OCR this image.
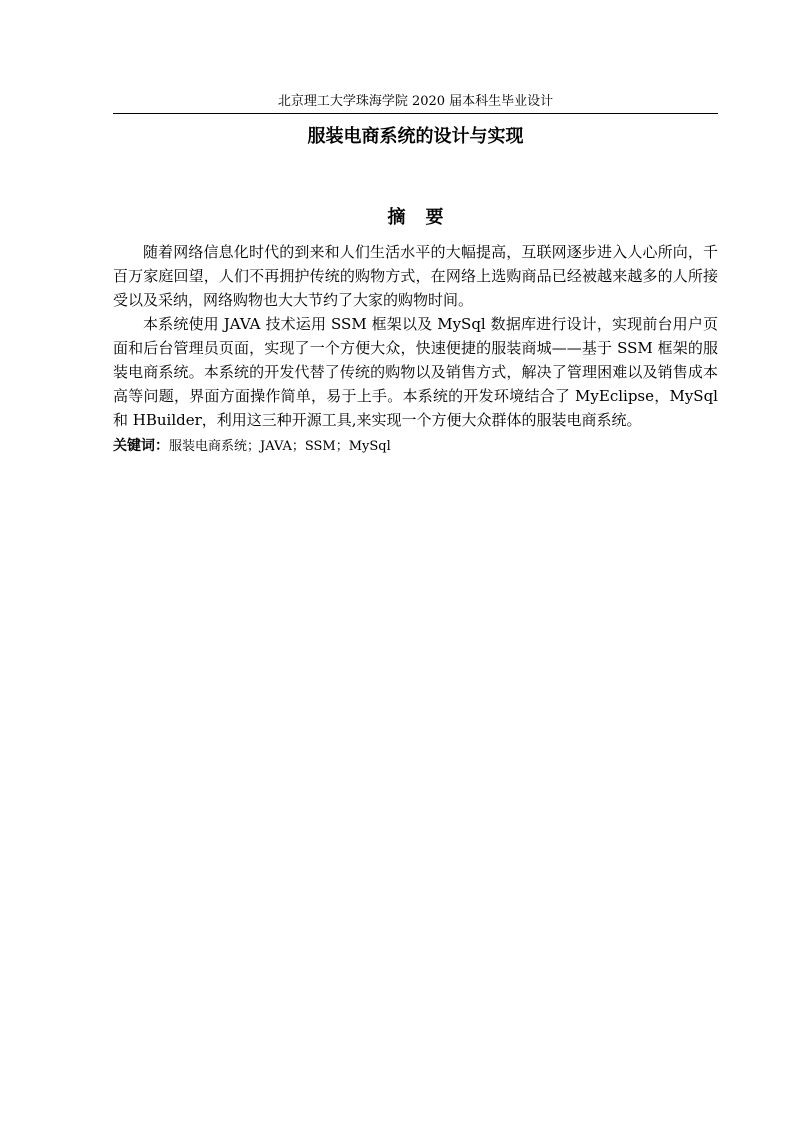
北京理工大学珠海学院 2020 届本科生毕业设计
服装电商系统的设计与实现
摘要

随着网络信息化时代的到来和人们生活水平的大幅提高，互联网逐步进入人心所向，千百万家庭回望，人们不再拥护传统的购物方式，在网络上选购商品已经被越来越多的人所接受以及采纳，网络购物也大大节约了大家的购物时间。

本系统使用 JAVA 技术运用 SSM 框架以及 MySql 数据库进行设计，实现前台用户页面和后台管理员页面，实现了一个方便大众，快速便捷的服装商城——基于 SSM 框架的服装电商系统。本系统的开发代替了传统的购物以及销售方式，解决了管理困难以及销售成本高等问题，界面方面操作简单，易于上手。本系统的开发环境结合了 MyEclipse，MySql 和 HBuilder，利用这三种开源工具,来实现一个方便大众群体的服装电商系统。

关键词：服装电商系统；JAVA；SSM；MySql
